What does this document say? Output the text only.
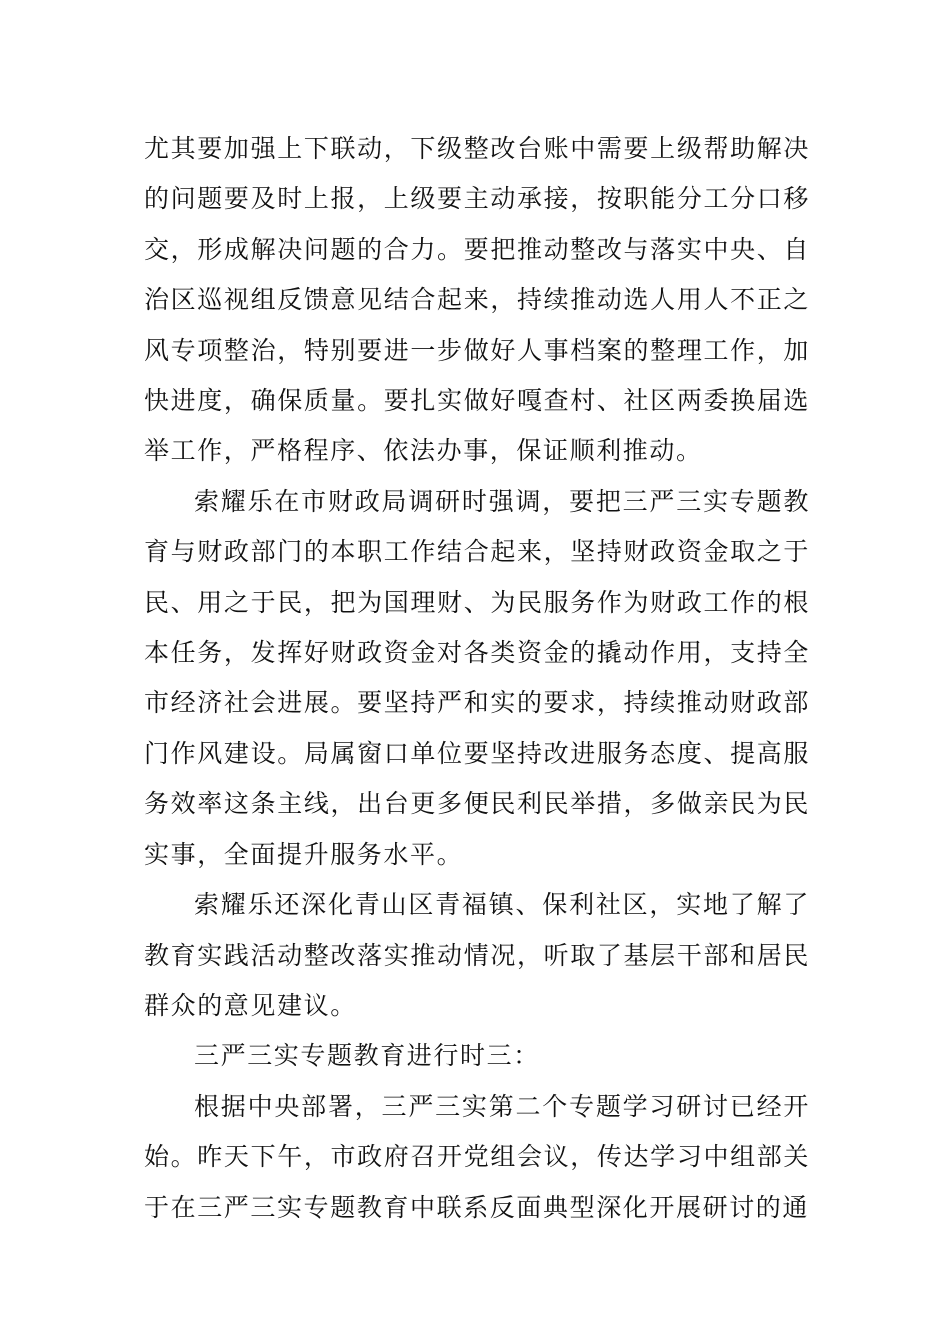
尤其要加强上下联动，下级整改台账中需要上级帮助解决的问题要及时上报，上级要主动承接，按职能分工分口移交，形成解决问题的合力。要把推动整改与落实中央、自治区巡视组反馈意见结合起来，持续推动选人用人不正之风专项整治，特别要进一步做好人事档案的整理工作，加快进度，确保质量。要扎实做好嘎查村、社区两委换届选举工作，严格程序、依法办事，保证顺利推动。

索耀乐在市财政局调研时强调，要把三严三实专题教育与财政部门的本职工作结合起来，坚持财政资金取之于民、用之于民，把为国理财、为民服务作为财政工作的根本任务，发挥好财政资金对各类资金的撬动作用，支持全市经济社会进展。要坚持严和实的要求，持续推动财政部门作风建设。局属窗口单位要坚持改进服务态度、提高服务效率这条主线，出台更多便民利民举措，多做亲民为民实事，全面提升服务水平。

索耀乐还深化青山区青福镇、保利社区，实地了解了教育实践活动整改落实推动情况，听取了基层干部和居民群众的意见建议。

三严三实专题教育进行时三：

根据中央部署，三严三实第二个专题学习研讨已经开始。昨天下午，市政府召开党组会议，传达学习中组部关于在三严三实专题教育中联系反面典型深化开展研讨的通
